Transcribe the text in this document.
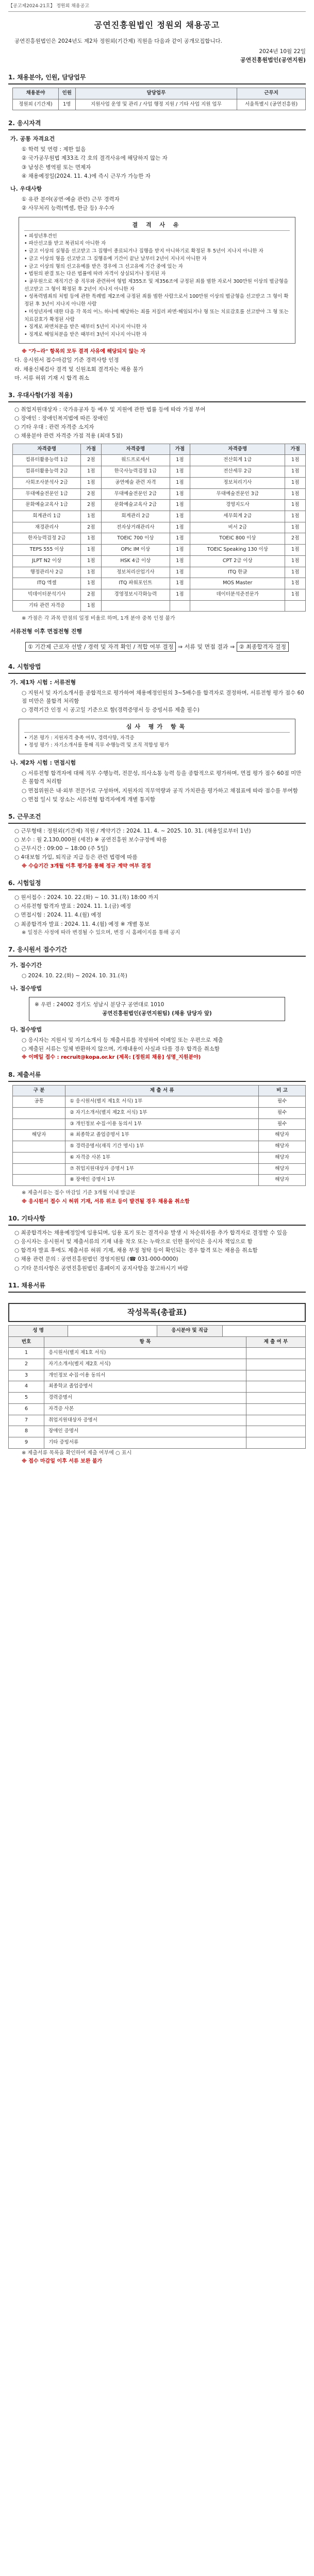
【공고제2024-21호】 정원외 채용공고
공연진흥원법인 정원외 채용공고
공연진흥원법인은 2024년도 제2차 정원외(기간제) 직원을 다음과 같이 공개모집합니다.
2024년 10월 22일
공연진흥원법인(공연지원)
1. 채용분야, 인원, 담당업무
채용분야	인원	담당업무	근무지
정원외 (기간제)	1명	지원사업 운영 및 관리 / 사업 행정 지원 / 기타 사업 지원 업무	서울특별시 (공연진흥원)
2. 응시자격
가. 공통 자격요건
① 학력 및 연령 : 제한 없음
② 국가공무원법 제33조 각 호의 결격사유에 해당하지 않는 자
③ 남성은 병역필 또는 면제자
④ 채용예정일(2024. 11. 4.)에 즉시 근무가 가능한 자
나. 우대사항
① 유관 분야(공연·예술 관련) 근무 경력자
② 사무처리 능력(엑셀, 한글 등) 우수자
결 격 사 유
• 피성년후견인
• 파산선고를 받고 복권되지 아니한 자
• 금고 이상의 실형을 선고받고 그 집행이 종료되거나 집행을 받지 아니하기로 확정된 후 5년이 지나지 아니한 자
• 금고 이상의 형을 선고받고 그 집행유예 기간이 끝난 날부터 2년이 지나지 아니한 자
• 금고 이상의 형의 선고유예를 받은 경우에 그 선고유예 기간 중에 있는 자
• 법원의 판결 또는 다른 법률에 따라 자격이 상실되거나 정지된 자
• 공무원으로 재직기간 중 직무와 관련하여 형법 제355조 및 제356조에 규정된 죄를 범한 자로서 300만원 이상의 벌금형을 선고받고 그 형이 확정된 후 2년이 지나지 아니한 자
• 성폭력범죄의 처벌 등에 관한 특례법 제2조에 규정된 죄를 범한 사람으로서 100만원 이상의 벌금형을 선고받고 그 형이 확정된 후 3년이 지나지 아니한 사람
• 미성년자에 대한 다음 각 목의 어느 하나에 해당하는 죄를 저질러 파면·해임되거나 형 또는 치료감호를 선고받아 그 형 또는 치료감호가 확정된 사람
• 징계로 파면처분을 받은 때부터 5년이 지나지 아니한 자
• 징계로 해임처분을 받은 때부터 3년이 지나지 아니한 자
※ "가~라" 항목의 모두 결격 사유에 해당되지 않는 자
다. 응시원서 접수마감일 기준 경력사항 인정
라. 채용신체검사 결격 및 신원조회 결격자는 채용 불가
마. 서류 허위 기재 시 합격 취소
3. 우대사항(가점 적용)
○ 취업지원대상자 : 국가유공자 등 예우 및 지원에 관한 법률 등에 따라 가점 부여
○ 장애인 : 장애인복지법에 따른 장애인
○ 기타 우대 : 관련 자격증 소지자
○ 채용분야 관련 자격증 가점 적용 (최대 5점)
자격증명	가점	자격증명	가점	자격증명	가점
컴퓨터활용능력 1급	2점	워드프로세서	1점	전산회계 1급	1점
컴퓨터활용능력 2급	1점	한국사능력검정 1급	1점	전산세무 2급	1점
사회조사분석사 2급	1점	공연예술 관련 자격	1점	정보처리기사	1점
무대예술전문인 1급	2점	무대예술전문인 2급	1점	무대예술전문인 3급	1점
문화예술교육사 1급	2점	문화예술교육사 2급	1점	경영지도사	1점
회계관리 1급	1점	회계관리 2급	1점	세무회계 2급	1점
재경관리사	2점	전자상거래관리사	1점	비서 2급	1점
한자능력검정 2급	1점	TOEIC 700 이상	1점	TOEIC 800 이상	2점
TEPS 555 이상	1점	OPIc IM 이상	1점	TOEIC Speaking 130 이상	1점
JLPT N2 이상	1점	HSK 4급 이상	1점	CPT 2급 이상	1점
행정관리사 2급	1점	정보처리산업기사	1점	ITQ 한글	1점
ITQ 엑셀	1점	ITQ 파워포인트	1점	MOS Master	1점
빅데이터분석기사	2점	경영정보시각화능력	1점	데이터분석준전문가	1점
기타 관련 자격증	1점				
※ 가점은 각 과목 만점의 일정 비율로 하며, 1개 분야 중복 인정 불가
서류전형 이후 면접전형 진행
① 기간제 근로자 선발 / 경력 및 자격 확인 / 적합 여부 결정 ⇒ 서류 및 면접 결과 ⇒ ② 최종합격자 결정
4. 시험방법
가. 제1차 시험 : 서류전형
○ 지원서 및 자기소개서를 종합적으로 평가하여 채용예정인원의 3~5배수를 합격자로 결정하며, 서류전형 평가 점수 60점 미만은 불합격 처리함
○ 경력기간 인정 시 공고일 기준으로 함(경력증명서 등 증빙서류 제출 필수)
심사 평가 항목
• 기본 평가 : 지원자격 충족 여부, 경력사항, 자격증
• 정성 평가 : 자기소개서를 통해 직무 수행능력 및 조직 적합성 평가
나. 제2차 시험 : 면접시험
○ 서류전형 합격자에 대해 직무 수행능력, 전문성, 의사소통 능력 등을 종합적으로 평가하며, 면접 평가 점수 60점 미만은 불합격 처리함
○ 면접위원은 내·외부 전문가로 구성하며, 지원자의 직무역량과 공직 가치관을 평가하고 채점표에 따라 점수를 부여함
○ 면접 일시 및 장소는 서류전형 합격자에게 개별 통지함
5. 근무조건
○ 근무형태 : 정원외(기간제) 직원 / 계약기간 : 2024. 11. 4. ~ 2025. 10. 31. (채용일로부터 1년)
○ 보수 : 월 2,130,000원 (세전) ※ 공연진흥원 보수규정에 따름
○ 근무시간 : 09:00 ~ 18:00 (주 5일)
○ 4대보험 가입, 퇴직금 지급 등은 관련 법령에 따름
※ 수습기간 3개월 이후 평가를 통해 정규 계약 여부 결정
6. 시험일정
○ 원서접수 : 2024. 10. 22.(화) ~ 10. 31.(목) 18:00 까지
○ 서류전형 합격자 발표 : 2024. 11. 1.(금) 예정
○ 면접시험 : 2024. 11. 4.(월) 예정
○ 최종합격자 발표 : 2024. 11. 4.(월) 예정 ※ 개별 통보
※ 일정은 사정에 따라 변경될 수 있으며, 변경 시 홈페이지를 통해 공지
7. 응시원서 접수기간
가. 접수기간
○ 2024. 10. 22.(화) ~ 2024. 10. 31.(목)
나. 접수방법
※ 우편 : 24002 경기도 성남시 분당구 공연대로 1010
공연진흥원법인(공연지원팀) (채용 담당자 앞)
다. 접수방법
○ 응시자는 지원서 및 자기소개서 등 제출서류를 작성하여 이메일 또는 우편으로 제출
○ 제출된 서류는 일체 반환하지 않으며, 기재내용이 사실과 다를 경우 합격을 취소함
※ 이메일 접수 : recruit@kopa.or.kr (제목: [정원외 채용] 성명_지원분야)
8. 제출서류
구 분	제 출 서 류	비 고
공통	① 응시원서(별지 제1호 서식) 1부	필수
	② 자기소개서(별지 제2호 서식) 1부	필수
	③ 개인정보 수집·이용 동의서 1부	필수
해당자	④ 최종학교 졸업증명서 1부	해당자
	⑤ 경력증명서(재직 기간 명시) 1부	해당자
	⑥ 자격증 사본 1부	해당자
	⑦ 취업지원대상자 증명서 1부	해당자
	⑧ 장애인 증명서 1부	해당자
※ 제출서류는 접수 마감일 기준 3개월 이내 발급분
※ 응시원서 접수 시 허위 기재, 서류 위조 등이 발견될 경우 채용을 취소함
10. 기타사항
○ 최종합격자는 채용예정일에 임용되며, 임용 포기 또는 결격사유 발생 시 차순위자를 추가 합격자로 결정할 수 있음
○ 응시자는 응시원서 및 제출서류의 기재 내용 착오 또는 누락으로 인한 불이익은 응시자 책임으로 함
○ 합격자 발표 후에도 제출서류 허위 기재, 채용 부정 청탁 등이 확인되는 경우 합격 또는 채용을 취소함
○ 채용 관련 문의 : 공연진흥원법인 경영지원팀 (☎ 031-000-0000)
○ 기타 문의사항은 공연진흥원법인 홈페이지 공지사항을 참고하시기 바람
11. 채용서류
작성목록(총괄표)
성 명		응시분야 및 직급	
번호	항 목	제 출 여 부
1	응시원서(별지 제1호 서식)	
2	자기소개서(별지 제2호 서식)	
3	개인정보 수집·이용 동의서	
4	최종학교 졸업증명서	
5	경력증명서	
6	자격증 사본	
7	취업지원대상자 증명서	
8	장애인 증명서	
9	기타 증빙서류	
※ 제출서류 목록을 확인하여 제출 여부에 ○ 표시
※ 접수 마감일 이후 서류 보완 불가
